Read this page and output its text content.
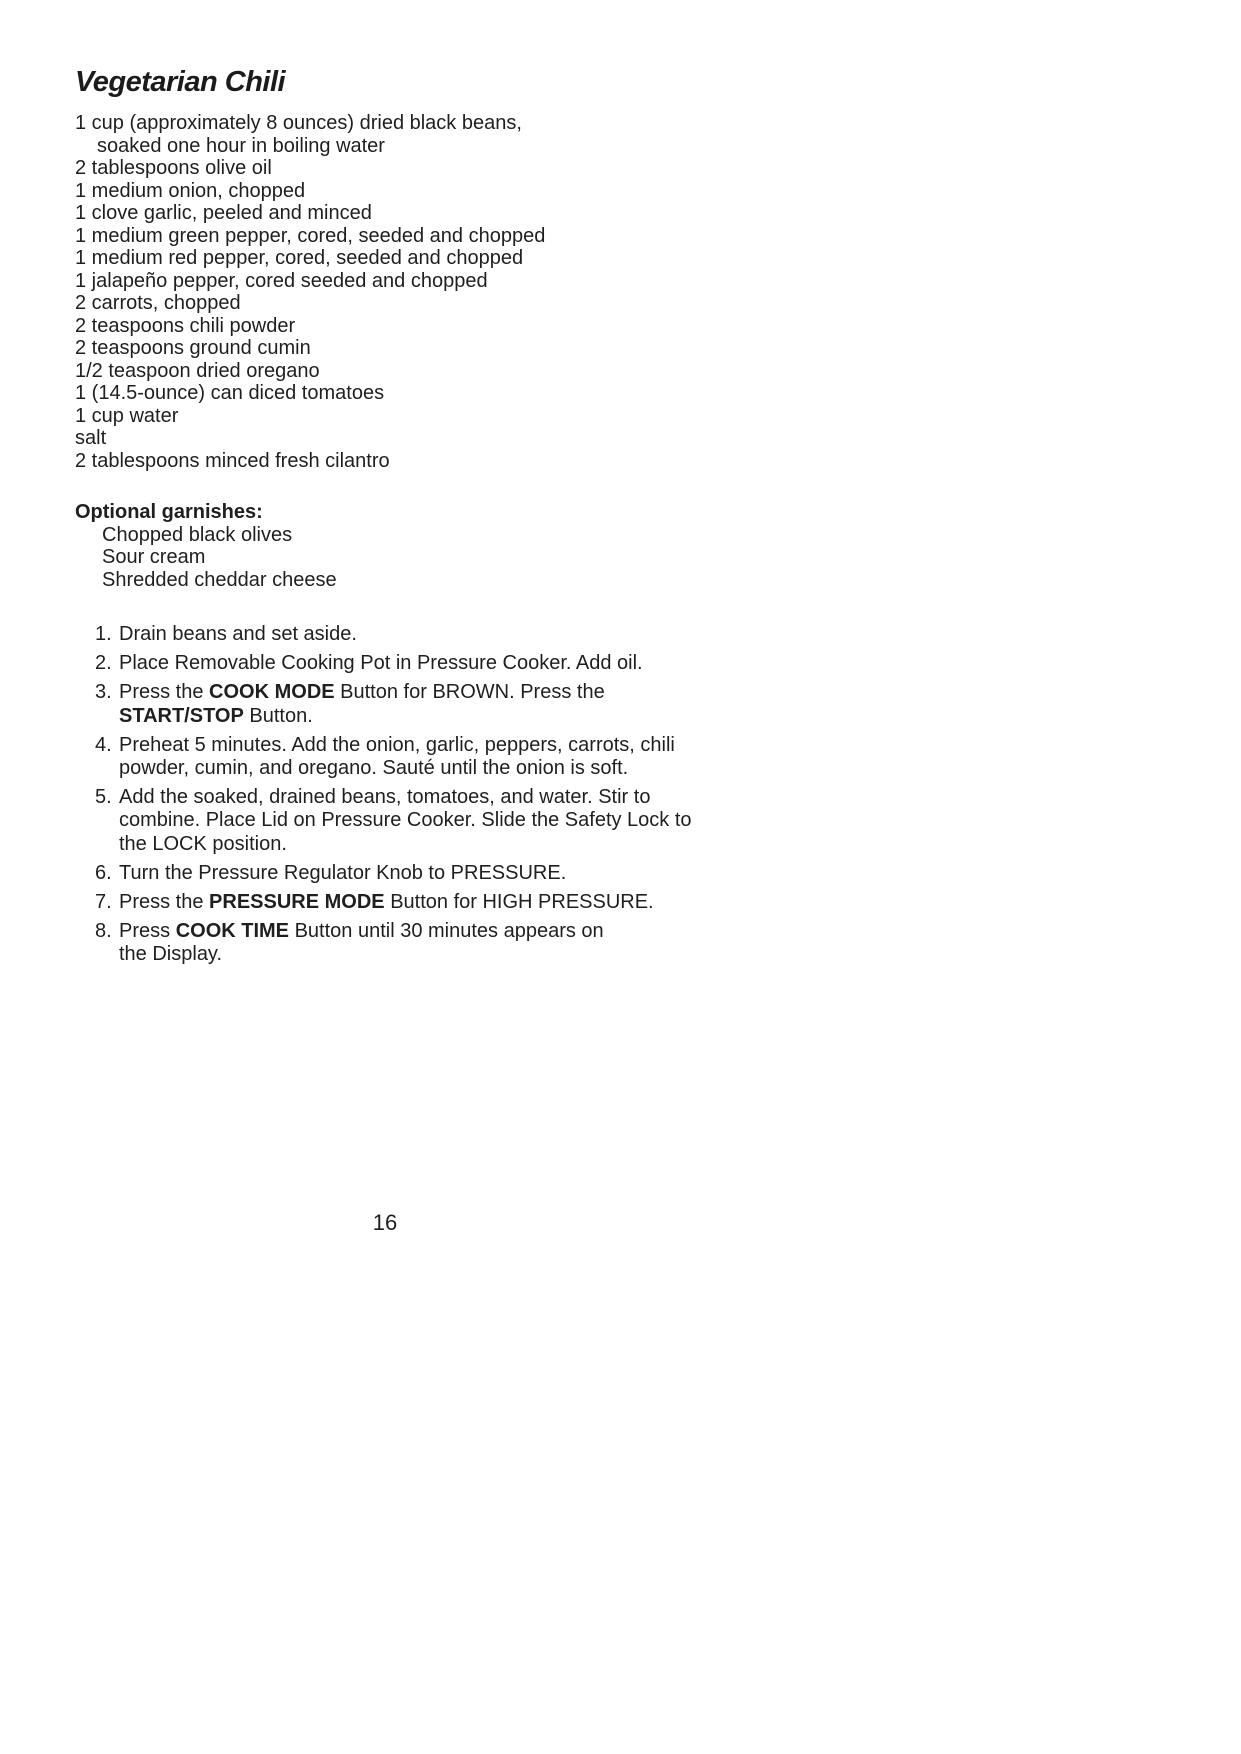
Vegetarian Chili
1 cup (approximately 8 ounces) dried black beans,
soaked one hour in boiling water
2 tablespoons olive oil
1 medium onion, chopped
1 clove garlic, peeled and minced
1 medium green pepper, cored, seeded and chopped
1 medium red pepper, cored, seeded and chopped
1 jalapeño pepper, cored seeded and chopped
2 carrots, chopped
2 teaspoons chili powder
2 teaspoons ground cumin
1/2 teaspoon dried oregano
1 (14.5-ounce) can diced tomatoes
1 cup water
salt
2 tablespoons minced fresh cilantro
Optional garnishes:
Chopped black olives
Sour cream
Shredded cheddar cheese
1. Drain beans and set aside.
2. Place Removable Cooking Pot in Pressure Cooker. Add oil.
3. Press the COOK MODE Button for BROWN. Press the
START/STOP Button.
4. Preheat 5 minutes. Add the onion, garlic, peppers, carrots, chili
powder, cumin, and oregano. Sauté until the onion is soft.
5. Add the soaked, drained beans, tomatoes, and water. Stir to
combine. Place Lid on Pressure Cooker. Slide the Safety Lock to
the LOCK position.
6. Turn the Pressure Regulator Knob to PRESSURE.
7. Press the PRESSURE MODE Button for HIGH PRESSURE.
8. Press COOK TIME Button until 30 minutes appears on
the Display.
16
